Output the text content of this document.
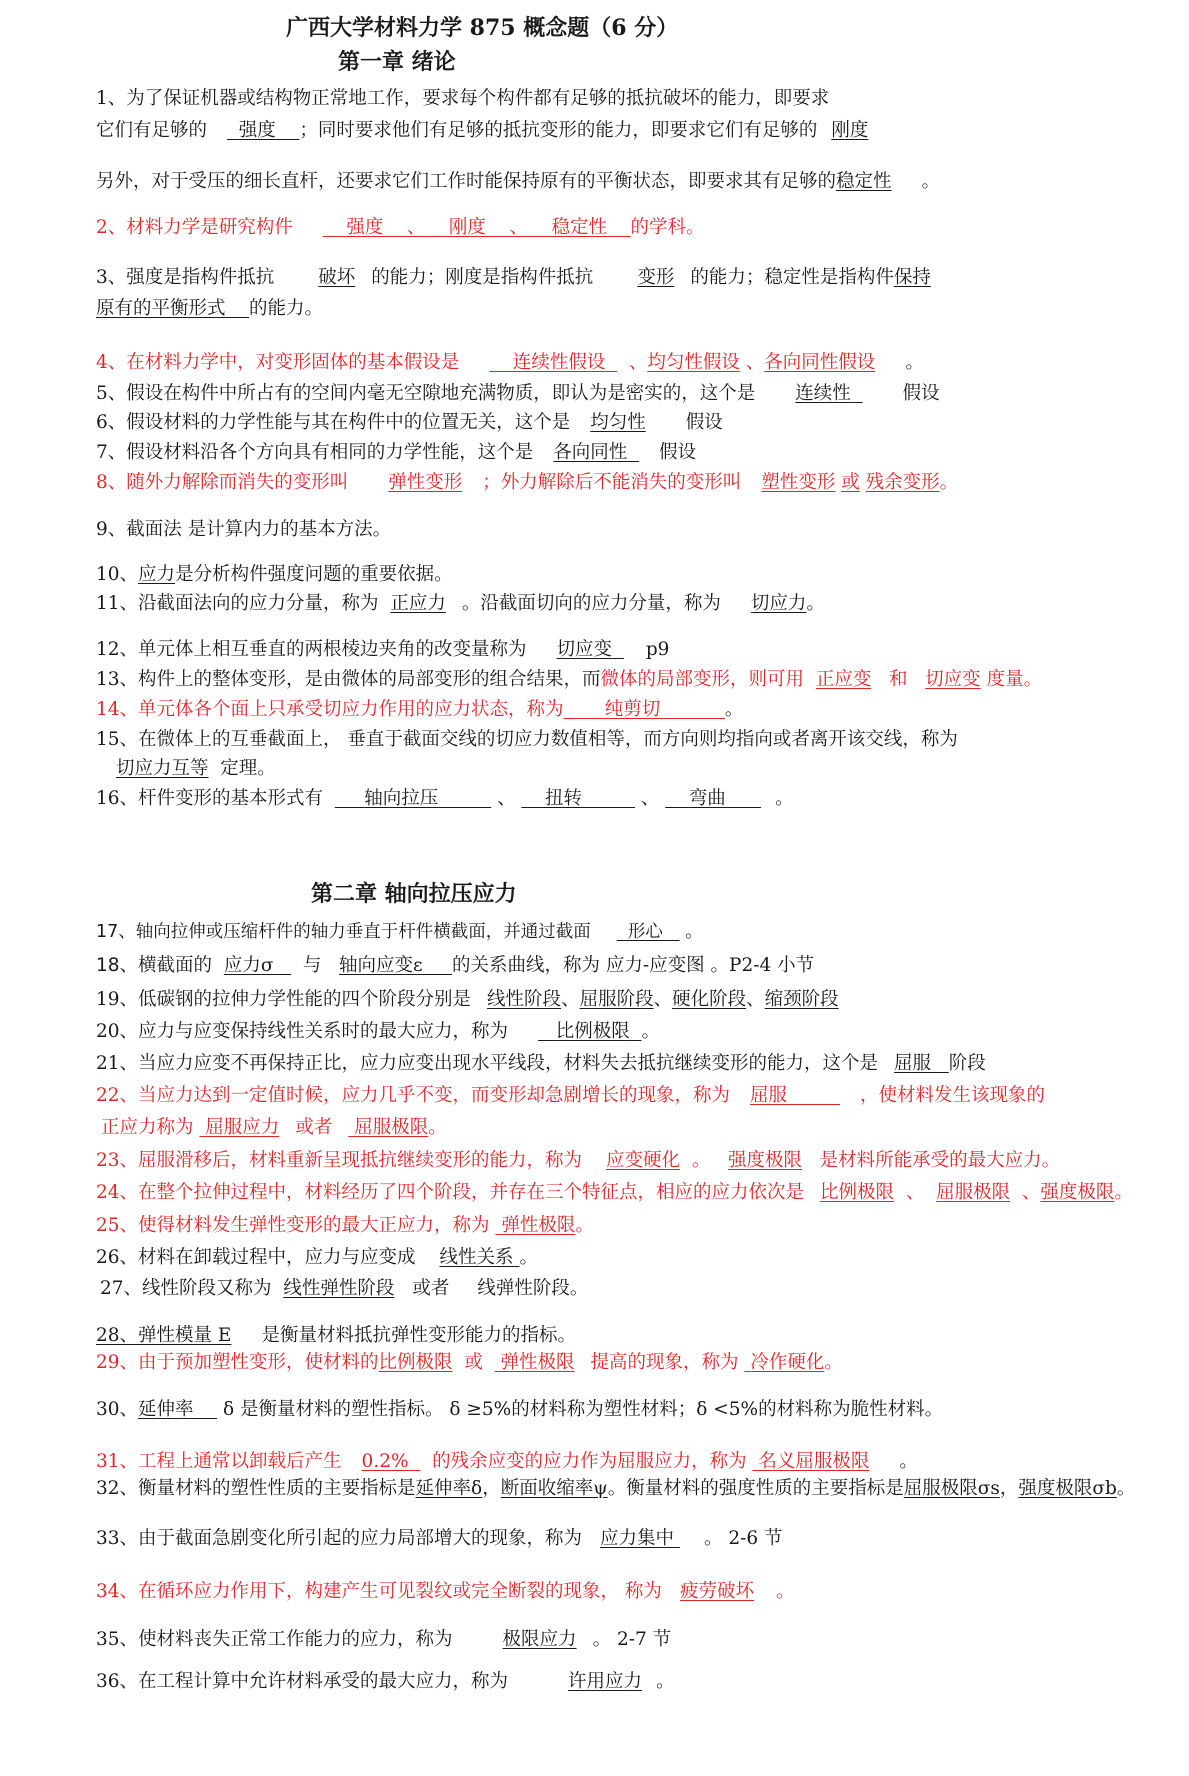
广西大学材料力学 875 概念题（6 分）
第一章 绪论
1、为了保证机器或结构物正常地工作，要求每个构件都有足够的抵抗破坏的能力，即要求
它们有足够的 强度 ；同时要求他们有足够的抵抗变形的能力，即要求它们有足够的 刚度
另外，对于受压的细长直杆，还要求它们工作时能保持原有的平衡状态，即要求其有足够的稳定性 。
2、材料力学是研究构件	强度 、 刚度 、 稳定性 的学科。
3、强度是指构件抵抗 破坏 的能力；刚度是指构件抵抗 变形 的能力；稳定性是指构件保持
原有的平衡形式 的能力。
4、在材料力学中，对变形固体的基本假设是	连续性假设 、均匀性假设 、各向同性假设 。
5、假设在构件中所占有的空间内毫无空隙地充满物质，即认为是密实的，这个是 连续性	假设
6、假设材料的力学性能与其在构件中的位置无关，这个是 均匀性 假设
7、假设材料沿各个方向具有相同的力学性能，这个是 各向同性 假设
8、随外力解除而消失的变形叫 弹性变形 ；外力解除后不能消失的变形叫 塑性变形 或 残余变形。
9、截面法 是计算内力的基本方法。
10、应力是分析构件强度问题的重要依据。
11、沿截面法向的应力分量，称为 正应力 。沿截面切向的应力分量，称为 切应力。
12、单元体上相互垂直的两根棱边夹角的改变量称为 切应变 p9
13、构件上的整体变形，是由微体的局部变形的组合结果，而微体的局部变形，则可用 正应变 和 切应变 度量。
14、单元体各个面上只承受切应力作用的应力状态，称为 纯剪切	。
15、在微体上的互垂截面上， 垂直于截面交线的切应力数值相等，而方向则均指向或者离开该交线，称为
切应力互等 定理。
16、杆件变形的基本形式有 轴向拉压	、 扭转	、 弯曲	。
第二章 轴向拉压应力
17、轴向拉伸或压缩杆件的轴力垂直于杆件横截面，并通过截面 形心 。
18、横截面的 应力σ 与 轴向应变ε 的关系曲线，称为 应力-应变图 。P2-4 小节
19、低碳钢的拉伸力学性能的四个阶段分别是 线性阶段、屈服阶段、硬化阶段、缩颈阶段
20、应力与应变保持线性关系时的最大应力，称为	比例极限 。
21、当应力应变不再保持正比，应力应变出现水平线段，材料失去抵抗继续变形的能力，这个是 屈服 阶段
22、当应力达到一定值时候，应力几乎不变，而变形却急剧增长的现象，称为 屈服	，使材料发生该现象的
正应力称为 屈服应力 或者 屈服极限。
23、屈服滑移后，材料重新呈现抵抗继续变形的能力，称为 应变硬化 。 强度极限 是材料所能承受的最大应力。
24、在整个拉伸过程中，材料经历了四个阶段，并存在三个特征点，相应的应力依次是 比例极限 、 屈服极限 、强度极限。
25、使得材料发生弹性变形的最大正应力，称为 弹性极限。
26、材料在卸载过程中，应力与应变成 线性关系 。
27、线性阶段又称为 线性弹性阶段 或者 线弹性阶段。
28、弹性模量 E 是衡量材料抵抗弹性变形能力的指标。
29、由于预加塑性变形，使材料的比例极限 或 弹性极限 提高的现象，称为 冷作硬化。
30、延伸率 δ 是衡量材料的塑性指标。 δ ≥5%的材料称为塑性材料；δ <5%的材料称为脆性材料。
31、工程上通常以卸载后产生 0.2% 的残余应变的应力作为屈服应力，称为 名义屈服极限 。
32、衡量材料的塑性性质的主要指标是延伸率δ，断面收缩率ψ。衡量材料的强度性质的主要指标是屈服极限σs，强度极限σb。
33、由于截面急剧变化所引起的应力局部增大的现象，称为 应力集中 。 2-6 节
34、在循环应力作用下，构建产生可见裂纹或完全断裂的现象， 称为 疲劳破坏 。
35、使材料丧失正常工作能力的应力，称为	极限应力 。 2-7 节
36、在工程计算中允许材料承受的最大应力，称为	许用应力 。
